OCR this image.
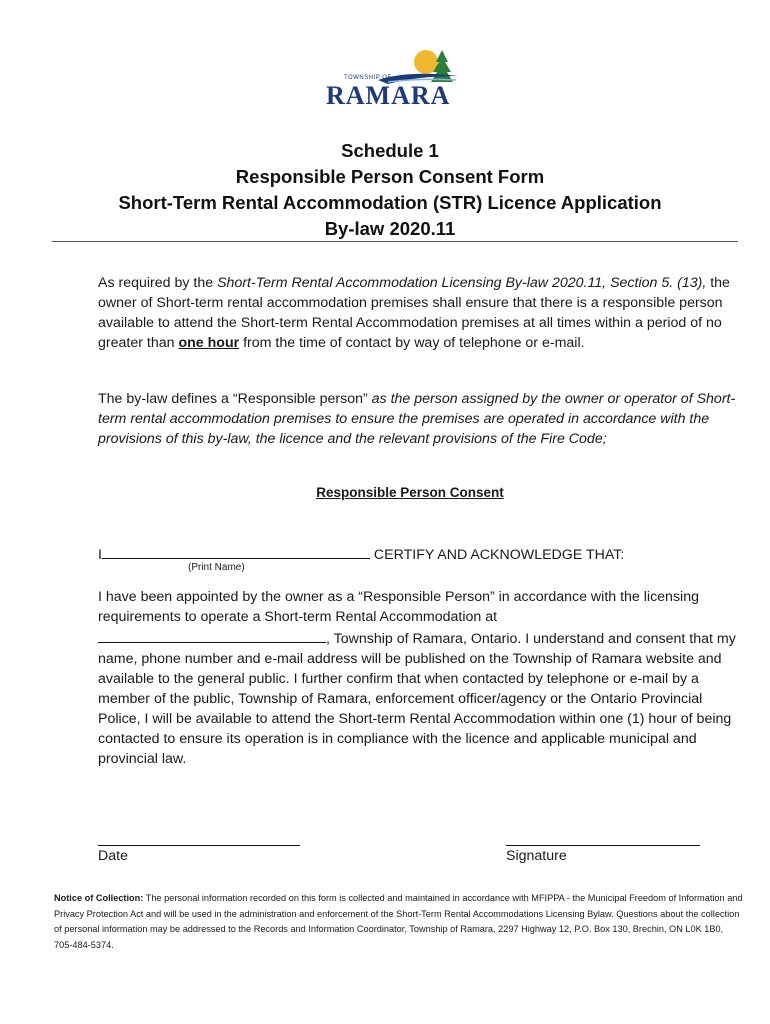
TOWNSHIP OF
RAMARA
Schedule 1
Responsible Person Consent Form
Short-Term Rental Accommodation (STR) Licence Application
By-law 2020.11
As required by the Short-Term Rental Accommodation Licensing By-law 2020.11, Section 5. (13), the owner of Short-term rental accommodation premises shall ensure that there is a responsible person available to attend the Short-term Rental Accommodation premises at all times within a period of no greater than one hour from the time of contact by way of telephone or e-mail.
The by-law defines a “Responsible person” as the person assigned by the owner or operator of Short-term rental accommodation premises to ensure the premises are operated in accordance with the provisions of this by-law, the licence and the relevant provisions of the Fire Code;
Responsible Person Consent
I	CERTIFY AND ACKNOWLEDGE THAT:
(Print Name)
I have been appointed by the owner as a “Responsible Person” in accordance with the licensing requirements to operate a Short-term Rental Accommodation at
, Township of Ramara, Ontario. I understand and consent that my name, phone number and e-mail address will be published on the Township of Ramara website and available to the general public. I further confirm that when contacted by telephone or e-mail by a member of the public, Township of Ramara, enforcement officer/agency or the Ontario Provincial Police, I will be available to attend the Short-term Rental Accommodation within one (1) hour of being contacted to ensure its operation is in compliance with the licence and applicable municipal and provincial law.
Date	Signature
Notice of Collection: The personal information recorded on this form is collected and maintained in accordance with MFIPPA - the Municipal Freedom of Information and Privacy Protection Act and will be used in the administration and enforcement of the Short-Term Rental Accommodations Licensing Bylaw. Questions about the collection of personal information may be addressed to the Records and Information Coordinator, Township of Ramara, 2297 Highway 12, P.O. Box 130, Brechin, ON L0K 1B0, 705-484-5374.
